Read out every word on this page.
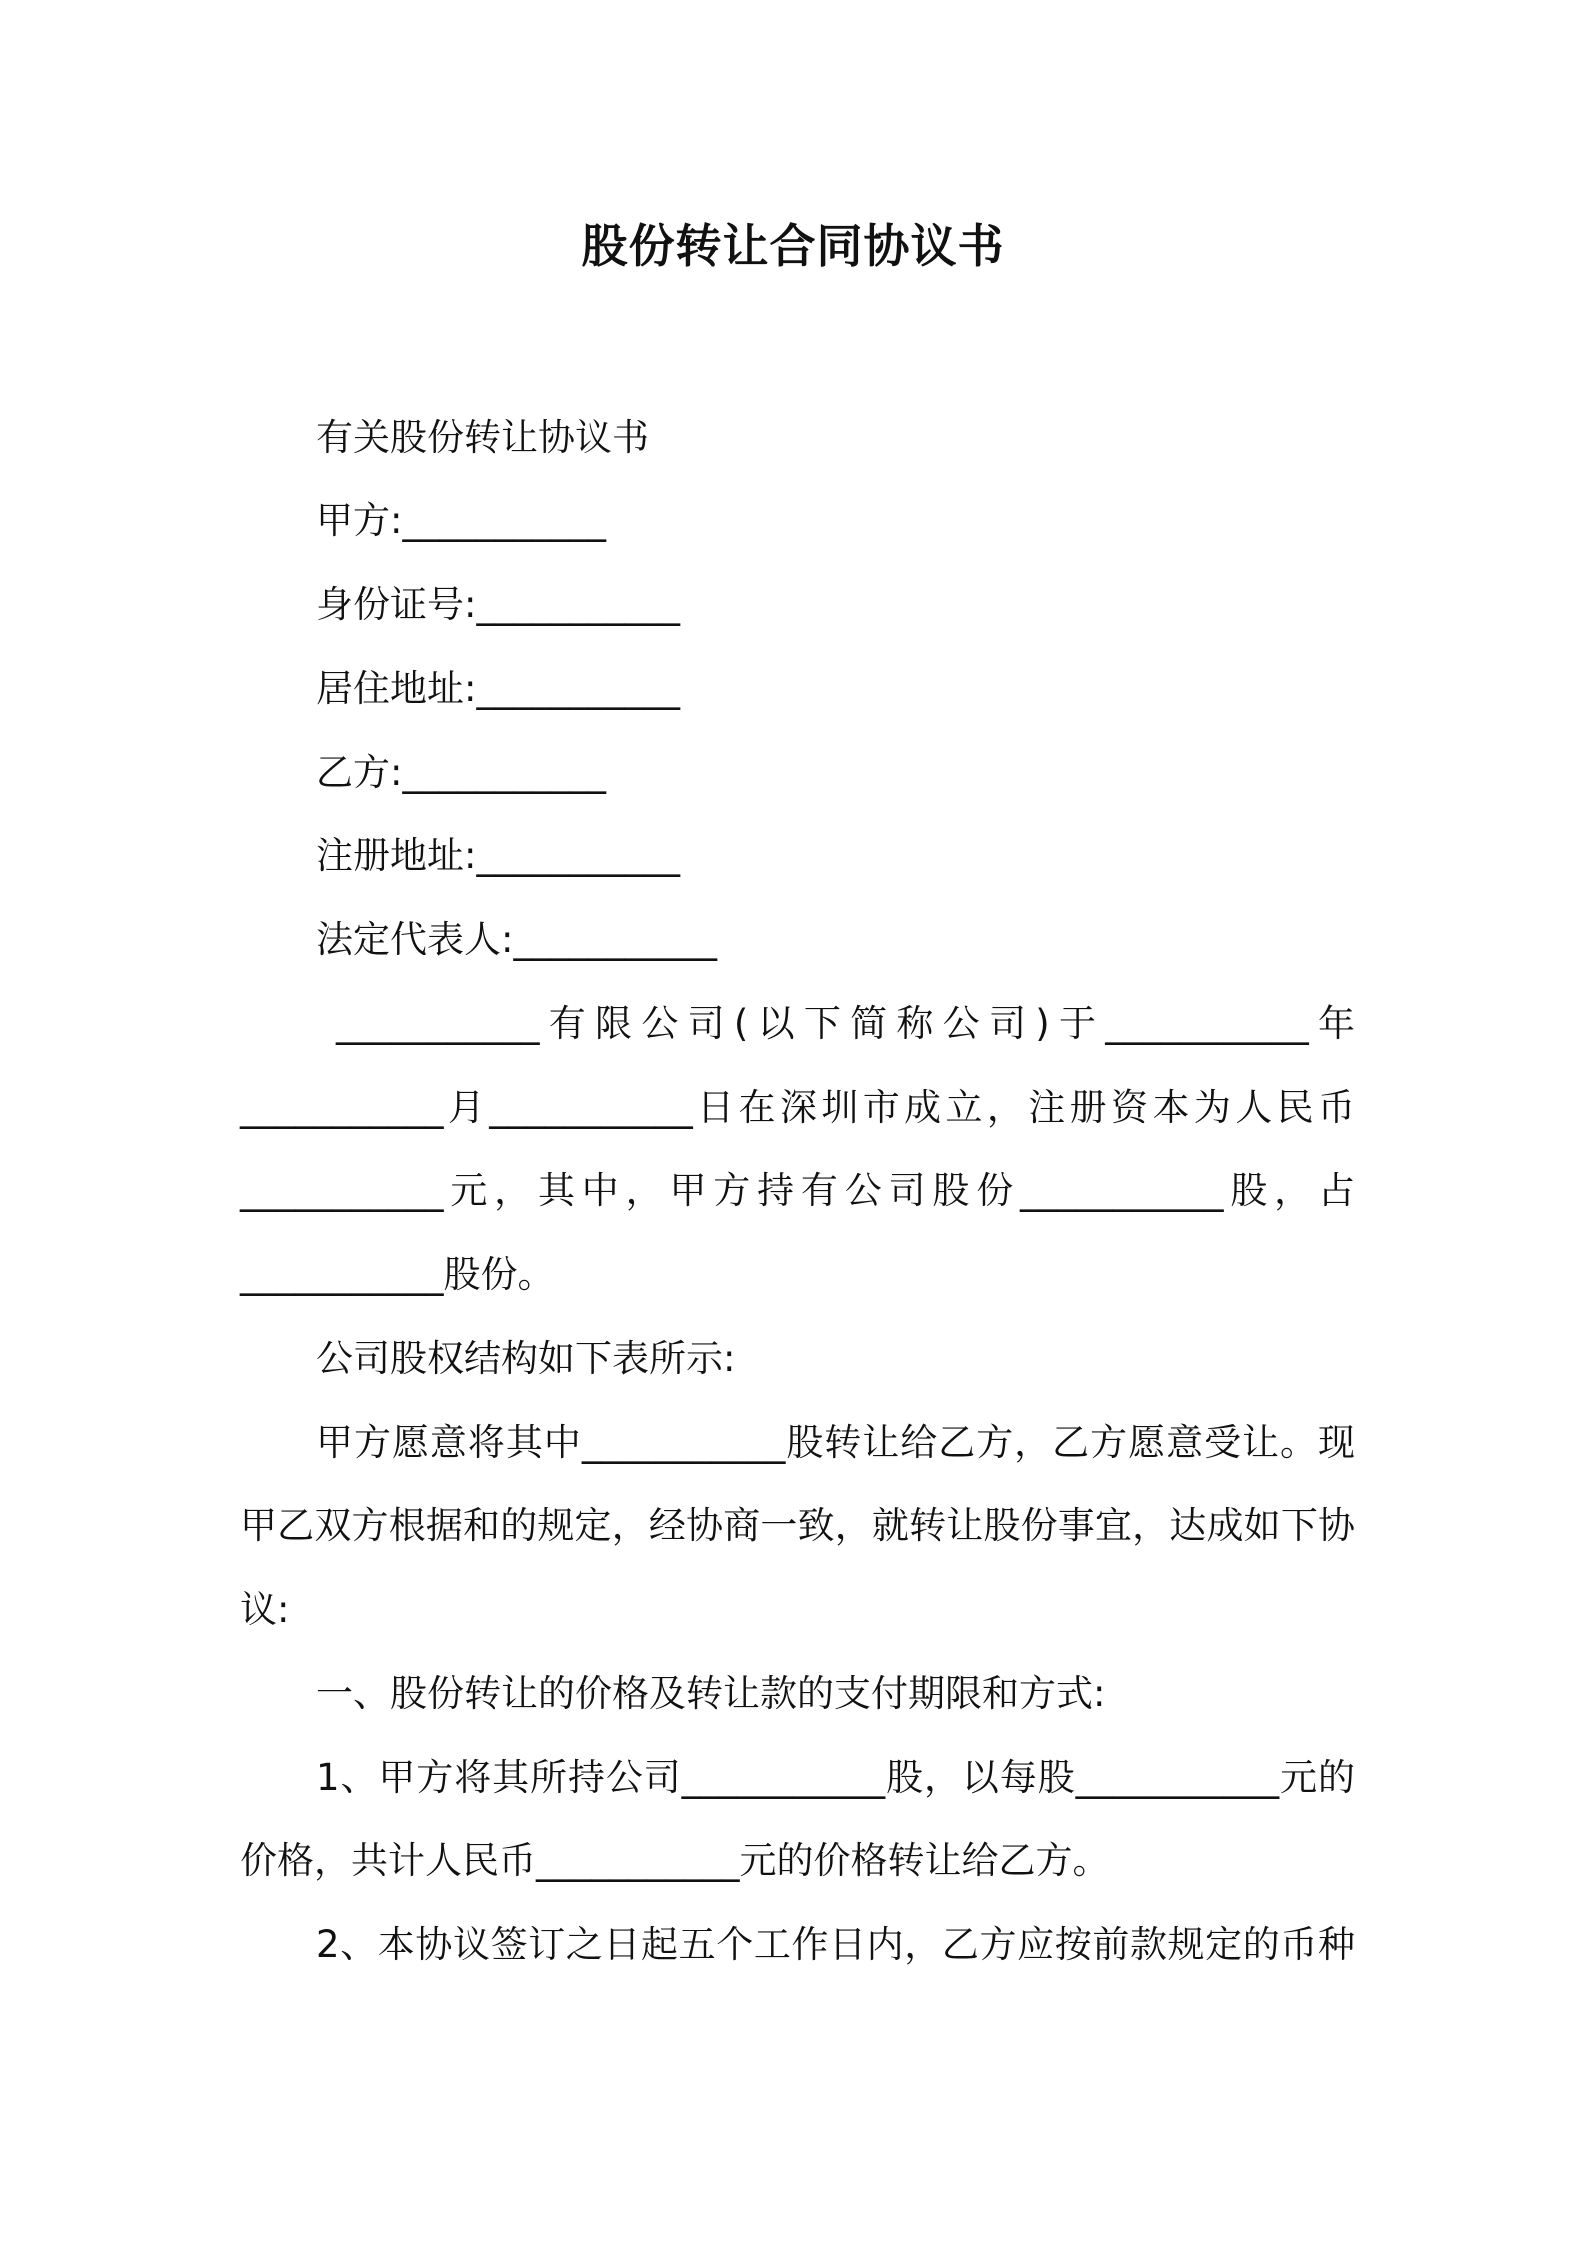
股份转让合同协议书
有关股份转让协议书
甲方:___________
身份证号:___________
居住地址:___________
乙方:___________
注册地址:___________
法定代表人:___________
___________有限公司(以下简称公司)于___________年
___________月___________日在深圳市成立，注册资本为人民币
___________元，其中，甲方持有公司股份___________股，占
___________股份。
公司股权结构如下表所示:
甲方愿意将其中___________股转让给乙方，乙方愿意受让。现
甲乙双方根据和的规定，经协商一致，就转让股份事宜，达成如下协
议:
一、股份转让的价格及转让款的支付期限和方式:
1、甲方将其所持公司___________股，以每股___________元的
价格，共计人民币___________元的价格转让给乙方。
2、本协议签订之日起五个工作日内，乙方应按前款规定的币种
